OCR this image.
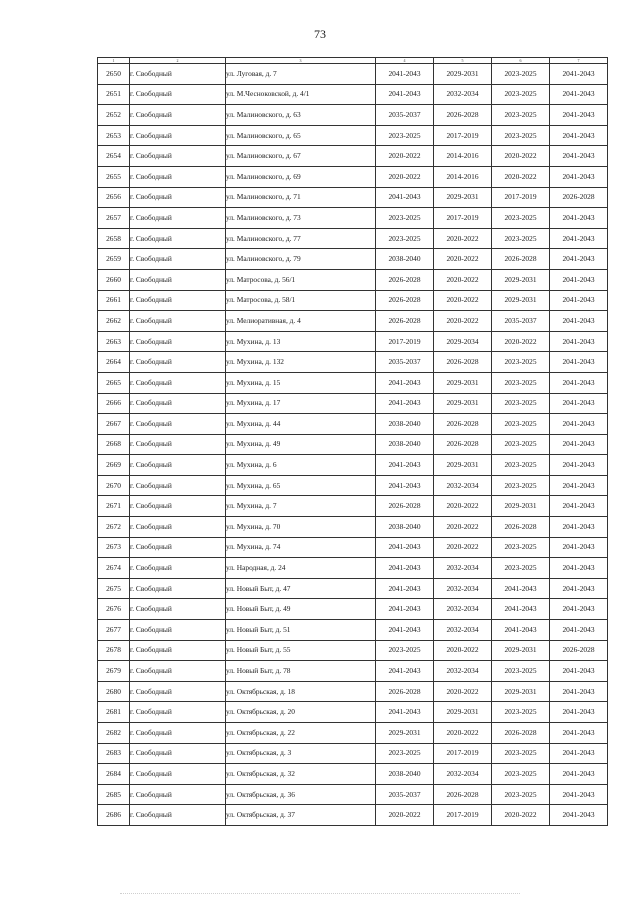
73
1	2	3	4	5	6	7
2650	г. Свободный	ул. Луговая, д. 7	2041-2043	2029-2031	2023-2025	2041-2043
2651	г. Свободный	ул. М.Чесноковской, д. 4/1	2041-2043	2032-2034	2023-2025	2041-2043
2652	г. Свободный	ул. Малиновского, д. 63	2035-2037	2026-2028	2023-2025	2041-2043
2653	г. Свободный	ул. Малиновского, д. 65	2023-2025	2017-2019	2023-2025	2041-2043
2654	г. Свободный	ул. Малиновского, д. 67	2020-2022	2014-2016	2020-2022	2041-2043
2655	г. Свободный	ул. Малиновского, д. 69	2020-2022	2014-2016	2020-2022	2041-2043
2656	г. Свободный	ул. Малиновского, д. 71	2041-2043	2029-2031	2017-2019	2026-2028
2657	г. Свободный	ул. Малиновского, д. 73	2023-2025	2017-2019	2023-2025	2041-2043
2658	г. Свободный	ул. Малиновского, д. 77	2023-2025	2020-2022	2023-2025	2041-2043
2659	г. Свободный	ул. Малиновского, д. 79	2038-2040	2020-2022	2026-2028	2041-2043
2660	г. Свободный	ул. Матросова, д. 56/1	2026-2028	2020-2022	2029-2031	2041-2043
2661	г. Свободный	ул. Матросова, д. 58/1	2026-2028	2020-2022	2029-2031	2041-2043
2662	г. Свободный	ул. Мелиоративная, д. 4	2026-2028	2020-2022	2035-2037	2041-2043
2663	г. Свободный	ул. Мухина, д. 13	2017-2019	2029-2034	2020-2022	2041-2043
2664	г. Свободный	ул. Мухина, д. 132	2035-2037	2026-2028	2023-2025	2041-2043
2665	г. Свободный	ул. Мухина, д. 15	2041-2043	2029-2031	2023-2025	2041-2043
2666	г. Свободный	ул. Мухина, д. 17	2041-2043	2029-2031	2023-2025	2041-2043
2667	г. Свободный	ул. Мухина, д. 44	2038-2040	2026-2028	2023-2025	2041-2043
2668	г. Свободный	ул. Мухина, д. 49	2038-2040	2026-2028	2023-2025	2041-2043
2669	г. Свободный	ул. Мухина, д. 6	2041-2043	2029-2031	2023-2025	2041-2043
2670	г. Свободный	ул. Мухина, д. 65	2041-2043	2032-2034	2023-2025	2041-2043
2671	г. Свободный	ул. Мухина, д. 7	2026-2028	2020-2022	2029-2031	2041-2043
2672	г. Свободный	ул. Мухина, д. 70	2038-2040	2020-2022	2026-2028	2041-2043
2673	г. Свободный	ул. Мухина, д. 74	2041-2043	2020-2022	2023-2025	2041-2043
2674	г. Свободный	ул. Народная, д. 24	2041-2043	2032-2034	2023-2025	2041-2043
2675	г. Свободный	ул. Новый Быт, д. 47	2041-2043	2032-2034	2041-2043	2041-2043
2676	г. Свободный	ул. Новый Быт, д. 49	2041-2043	2032-2034	2041-2043	2041-2043
2677	г. Свободный	ул. Новый Быт, д. 51	2041-2043	2032-2034	2041-2043	2041-2043
2678	г. Свободный	ул. Новый Быт, д. 55	2023-2025	2020-2022	2029-2031	2026-2028
2679	г. Свободный	ул. Новый Быт, д. 78	2041-2043	2032-2034	2023-2025	2041-2043
2680	г. Свободный	ул. Октябрьская, д. 18	2026-2028	2020-2022	2029-2031	2041-2043
2681	г. Свободный	ул. Октябрьская, д. 20	2041-2043	2029-2031	2023-2025	2041-2043
2682	г. Свободный	ул. Октябрьская, д. 22	2029-2031	2020-2022	2026-2028	2041-2043
2683	г. Свободный	ул. Октябрьская, д. 3	2023-2025	2017-2019	2023-2025	2041-2043
2684	г. Свободный	ул. Октябрьская, д. 32	2038-2040	2032-2034	2023-2025	2041-2043
2685	г. Свободный	ул. Октябрьская, д. 36	2035-2037	2026-2028	2023-2025	2041-2043
2686	г. Свободный	ул. Октябрьская, д. 37	2020-2022	2017-2019	2020-2022	2041-2043
